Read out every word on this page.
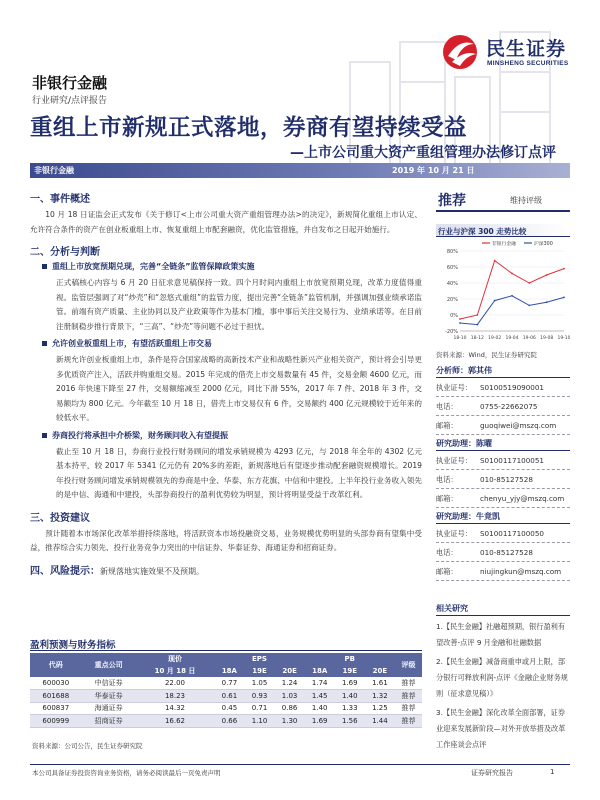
民生证券
MINSHENG SECURITIES
非银行金融
行业研究/点评报告
重组上市新规正式落地，券商有望持续受益
—上市公司重大资产重组管理办法修订点评
非银行金融	2019 年 10 月 21 日
一、事件概述
10 月 18 日证监会正式发布《关于修订<上市公司重大资产重组管理办法>的决定》，新规简化重组上市认定、允许符合条件的资产在创业板重组上市、恢复重组上市配套融资，优化监管措施，并自发布之日起开始施行。
二、分析与判断
重组上市放宽预期兑现，完善“全链条”监管保障政策实施
正式稿核心内容与 6 月 20 日征求意见稿保持一致。四个月时间内重组上市放宽预期兑现，改革力度值得重视。监管层强调了对“炒壳”和“忽悠式重组”的监管力度，提出完善“全链条”监管机制，并强调加强业绩承诺监管。前端有资产质量、主业协同以及产业政策等作为基本门槛，事中事后关注交易行为、业绩承诺等。在目前注册制稳步推行背景下，“三高”、“炒壳”等问题不必过于担忧。
允许创业板重组上市，有望活跃重组上市交易
新规允许创业板重组上市，条件是符合国家战略的高新技术产业和战略性新兴产业相关资产，预计将会引导更多优质资产注入，活跃并购重组交易。2015 年完成的借壳上市交易数量有 45 件，交易金额 4600 亿元，而 2016 年快速下降至 27 件，交易额缩减至 2000 亿元，同比下滑 55%，2017 年 7 件、2018 年 3 件，交易额均为 800 亿元。今年截至 10 月 18 日，借壳上市交易仅有 6 件，交易额约 400 亿元规模较于近年来的较低水平。
券商投行将承担中介桥梁，财务顾问收入有望提振
截止至 10 月 18 日，券商行业投行财务顾问的增发承销规模为 4293 亿元，与 2018 年全年的 4302 亿元基本持平，较 2017 年 5341 亿元仍有 20%多的差距，新规落地后有望逐步推动配套融资规模增长。2019 年投行财务顾问增发承销规模领先的券商是中金、华泰、东方花旗、中信和中建投。上半年投行业务收入领先的是中信、海通和中建投，头部券商投行的盈利优势较为明显，预计将明显受益于改革红利。
三、投资建议
预计随着本市场深化改革举措持续落地，将活跃资本市场投融资交易，业务规模优势明显的头部券商有望集中受益，推荐综合实力领先、投行业务竞争力突出的中信证券、华泰证券、海通证券和招商证券。
四、风险提示：新规落地实施效果不及预期。
盈利预测与财务指标
代码	重点公司	现价	EPS			PB			评级
		10 月 18 日	18A	19E	20E	18A	19E	20E	
600030	中信证券	22.00	0.77	1.05	1.24	1.74	1.69	1.61	推荐
601688	华泰证券	18.23	0.61	0.93	1.03	1.45	1.40	1.32	推荐
600837	海通证券	14.32	0.45	0.71	0.86	1.40	1.33	1.25	推荐
600999	招商证券	16.62	0.66	1.10	1.30	1.69	1.56	1.44	推荐
资料来源：公司公告，民生证券研究院
推荐	维持评级
行业与沪深 300 走势比较
80%
60%
40%
20%
0%
-20%
18-10 18-12 19-02 19-04 19-06 19-08 19-10
非银行金融	沪深300
资料来源：Wind，民生证券研究院
分析师：郭其伟
执业证号： S0100519090001
电话：	0755-22662075
邮箱：	guoqiwei@mszq.com
研究助理：陈曜
执业证号： S0100117100051
电话：	010-85127528
邮箱：	chenyu_yjy@mszq.com
研究助理：牛竟凯
执业证号： S0100117100050
电话：	010-85127528
邮箱：	niujingkun@mszq.com
相关研究
1.【民生金融】社融超预期，银行盈利有望改善-点评 9 月金融和社融数据
2.【民生金融】减备商重申或月上限，部分银行可释放利润-点评《金融企业财务规则（征求意见稿）》
3.【民生金融】深化改革全面部署，证券业迎来发展新阶段—对外开放举措及改革工作座谈会点评
本公司具备证券投资咨询业务资格，请务必阅读最后一页免责声明	证券研究报告	1
